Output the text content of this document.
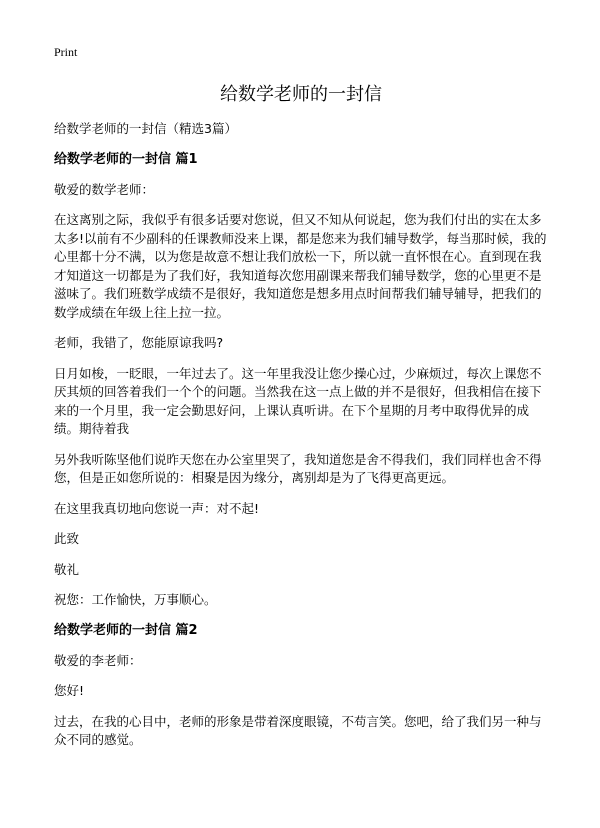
Print
给数学老师的一封信
给数学老师的一封信（精选3篇）
给数学老师的一封信 篇1
敬爱的数学老师：
在这离别之际，我似乎有很多话要对您说，但又不知从何说起，您为我们付出的实在太多太多!以前有不少副科的任课教师没来上课，都是您来为我们辅导数学，每当那时候，我的心里都十分不满，以为您是故意不想让我们放松一下，所以就一直怀恨在心。直到现在我才知道这一切都是为了我们好，我知道每次您用副课来帮我们辅导数学，您的心里更不是滋味了。我们班数学成绩不是很好，我知道您是想多用点时间帮我们辅导辅导，把我们的数学成绩在年级上往上拉一拉。
老师，我错了，您能原谅我吗?
日月如梭，一眨眼，一年过去了。这一年里我没让您少操心过，少麻烦过，每次上课您不厌其烦的回答着我们一个个的问题。当然我在这一点上做的并不是很好，但我相信在接下来的一个月里，我一定会勤思好问，上课认真听讲。在下个星期的月考中取得优异的成绩。期待着我
另外我听陈坚他们说昨天您在办公室里哭了，我知道您是舍不得我们，我们同样也舍不得您，但是正如您所说的：相聚是因为缘分，离别却是为了飞得更高更远。
在这里我真切地向您说一声：对不起!
此致
敬礼
祝您：工作愉快，万事顺心。
给数学老师的一封信 篇2
敬爱的李老师：
您好!
过去，在我的心目中，老师的形象是带着深度眼镜，不苟言笑。您吧，给了我们另一种与众不同的感觉。
